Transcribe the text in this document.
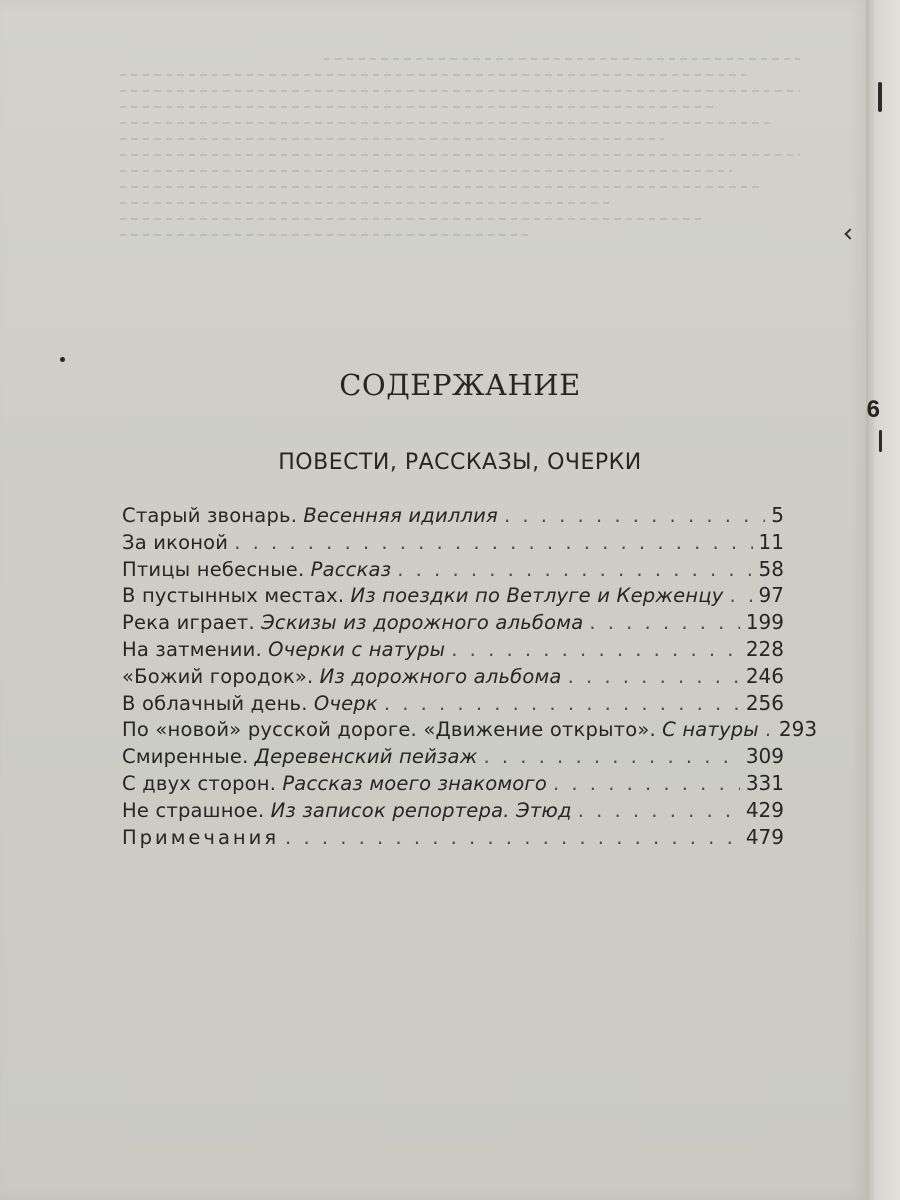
6
СОДЕРЖАНИЕ
ПОВЕСТИ, РАССКАЗЫ, ОЧЕРКИ
Старый звонарь. Весенняя идиллия . . .	5
За иконой . . .	11
Птицы небесные. Рассказ . . .	58
В пустынных местах. Из поездки по Ветлуге и Керженцу . . . 97
Река играет. Эскизы из дорожного альбома . . .	199
На затмении. Очерки с натуры . . .	228
«Божий городок». Из дорожного альбома . . .	246
В облачный день. Очерк . . .	256
По «новой» русской дороге. «Движение открыто». С натуры . . . 293
Смиренные. Деревенский пейзаж . . .	309
С двух сторон. Рассказ моего знакомого . . .	331
Не страшное. Из записок репортера. Этюд . . .	429
Примечания . . .	479
